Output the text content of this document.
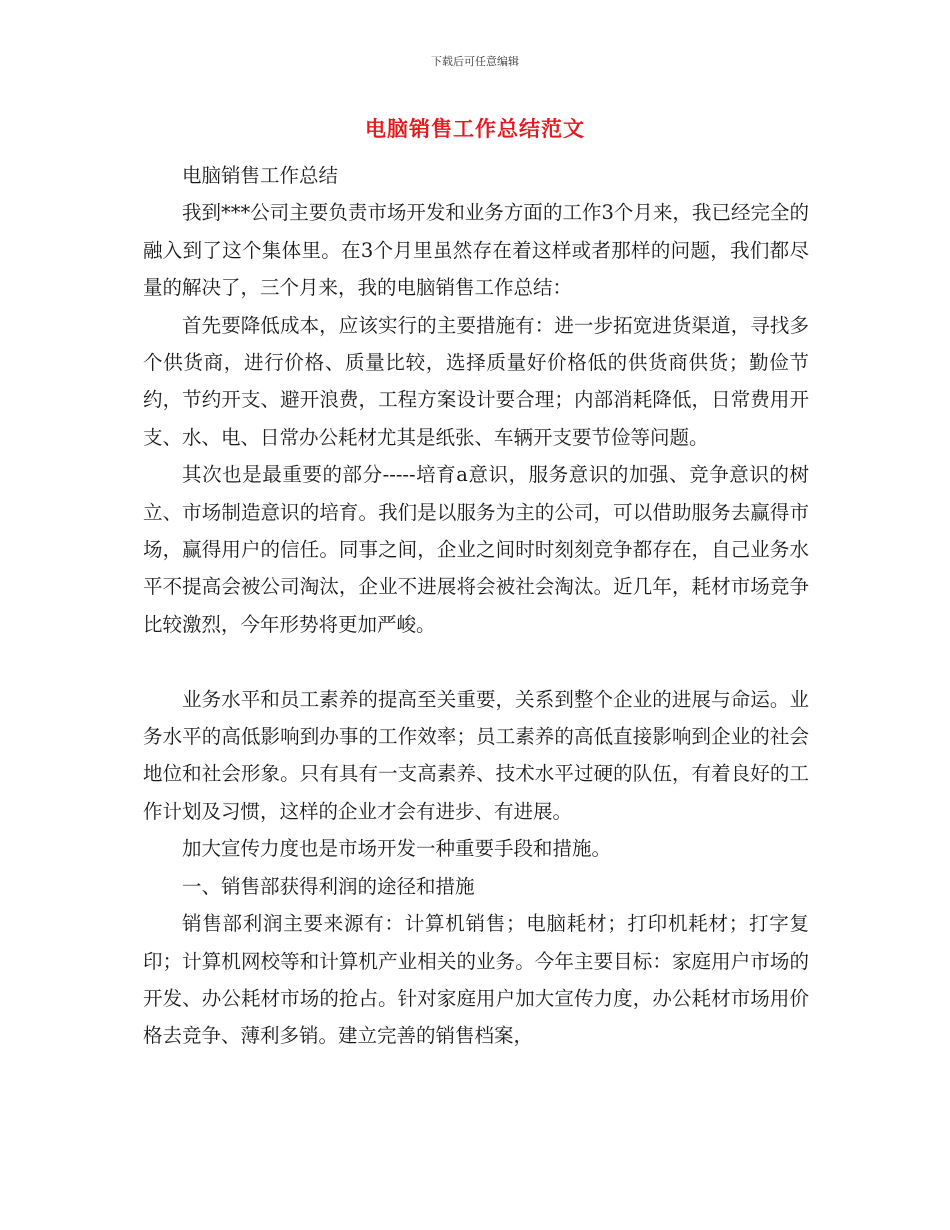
下载后可任意编辑
电脑销售工作总结范文

电脑销售工作总结

我到***公司主要负责市场开发和业务方面的工作3个月来，我已经完全的融入到了这个集体里。在3个月里虽然存在着这样或者那样的问题，我们都尽量的解决了，三个月来，我的电脑销售工作总结：

首先要降低成本，应该实行的主要措施有：进一步拓宽进货渠道，寻找多个供货商，进行价格、质量比较，选择质量好价格低的供货商供货；勤俭节约，节约开支、避开浪费，工程方案设计要合理；内部消耗降低，日常费用开支、水、电、日常办公耗材尤其是纸张、车辆开支要节俭等问题。

其次也是最重要的部分-----培育a意识，服务意识的加强、竞争意识的树立、市场制造意识的培育。我们是以服务为主的公司，可以借助服务去赢得市场，赢得用户的信任。同事之间，企业之间时时刻刻竞争都存在，自己业务水平不提高会被公司淘汰，企业不进展将会被社会淘汰。近几年，耗材市场竞争比较激烈，今年形势将更加严峻。

业务水平和员工素养的提高至关重要，关系到整个企业的进展与命运。业务水平的高低影响到办事的工作效率；员工素养的高低直接影响到企业的社会地位和社会形象。只有具有一支高素养、技术水平过硬的队伍，有着良好的工作计划及习惯，这样的企业才会有进步、有进展。

加大宣传力度也是市场开发一种重要手段和措施。

一、销售部获得利润的途径和措施

销售部利润主要来源有：计算机销售；电脑耗材；打印机耗材；打字复印；计算机网校等和计算机产业相关的业务。今年主要目标：家庭用户市场的开发、办公耗材市场的抢占。针对家庭用户加大宣传力度，办公耗材市场用价格去竞争、薄利多销。建立完善的销售档案，
